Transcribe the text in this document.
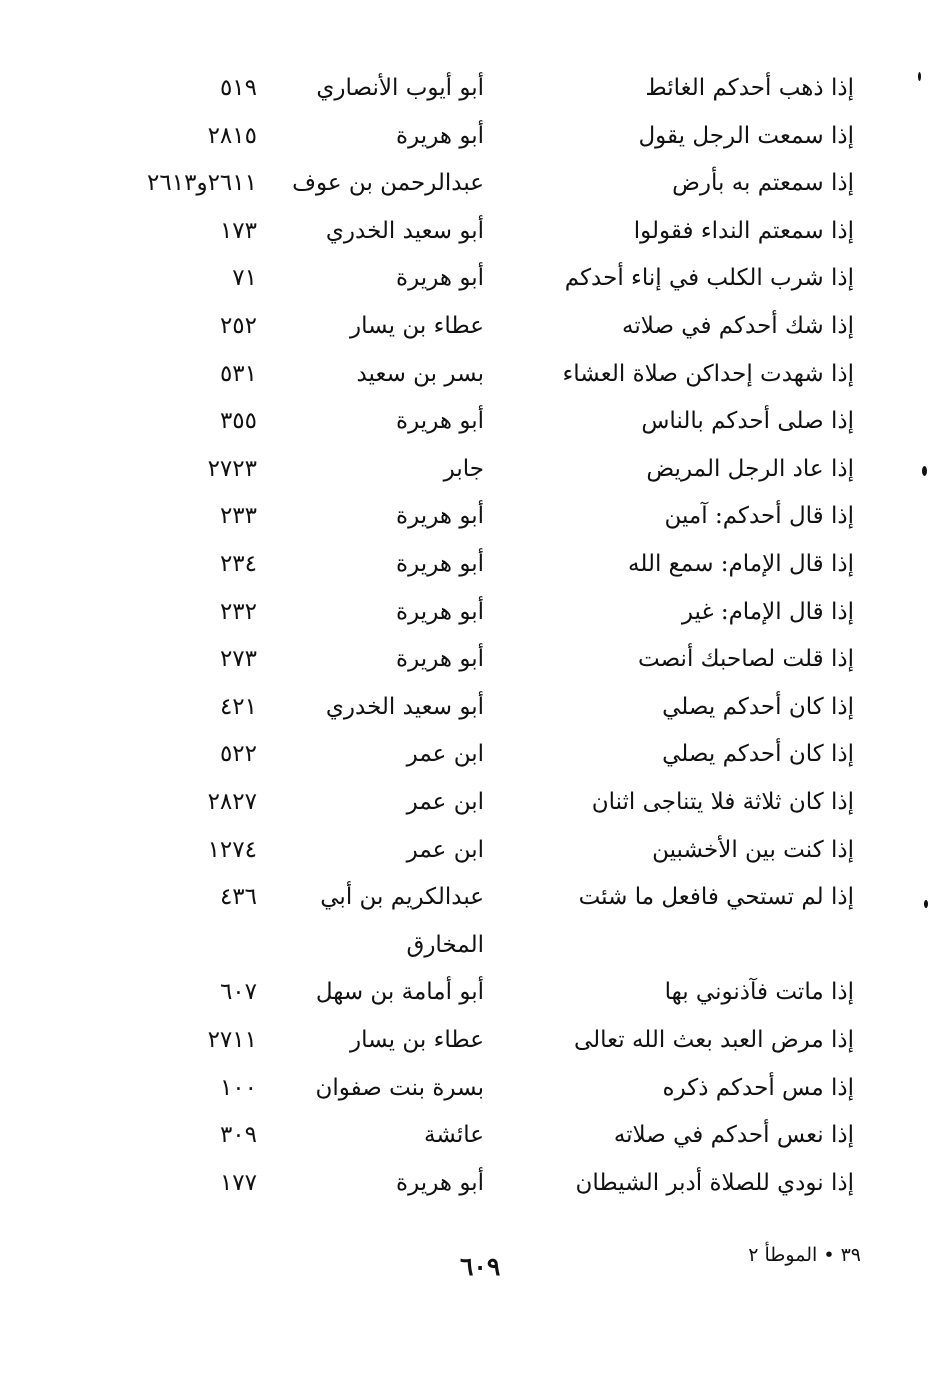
إذا ذهب أحدكم الغائط
أبو أيوب الأنصاري
٥١٩
إذا سمعت الرجل يقول
أبو هريرة
٢٨١٥
إذا سمعتم به بأرض
عبدالرحمن بن عوف
٢٦١١و٢٦١٣
إذا سمعتم النداء فقولوا
أبو سعيد الخدري
١٧٣
إذا شرب الكلب في إناء أحدكم
أبو هريرة
٧١
إذا شك أحدكم في صلاته
عطاء بن يسار
٢٥٢
إذا شهدت إحداكن صلاة العشاء
بسر بن سعيد
٥٣١
إذا صلى أحدكم بالناس
أبو هريرة
٣٥٥
إذا عاد الرجل المريض
جابر
٢٧٢٣
إذا قال أحدكم: آمين
أبو هريرة
٢٣٣
إذا قال الإمام: سمع الله
أبو هريرة
٢٣٤
إذا قال الإمام: غير
أبو هريرة
٢٣٢
إذا قلت لصاحبك أنصت
أبو هريرة
٢٧٣
إذا كان أحدكم يصلي
أبو سعيد الخدري
٤٢١
إذا كان أحدكم يصلي
ابن عمر
٥٢٢
إذا كان ثلاثة فلا يتناجى اثنان
ابن عمر
٢٨٢٧
إذا كنت بين الأخشبين
ابن عمر
١٢٧٤
إذا لم تستحي فافعل ما شئت
عبدالكريم بن أبي
٤٣٦
المخارق
إذا ماتت فآذنوني بها
أبو أمامة بن سهل
٦٠٧
إذا مرض العبد بعث الله تعالى
عطاء بن يسار
٢٧١١
إذا مس أحدكم ذكره
بسرة بنت صفوان
١٠٠
إذا نعس أحدكم في صلاته
عائشة
٣٠٩
إذا نودي للصلاة أدبر الشيطان
أبو هريرة
١٧٧
٣٩ • الموطأ ٢
٦٠٩
